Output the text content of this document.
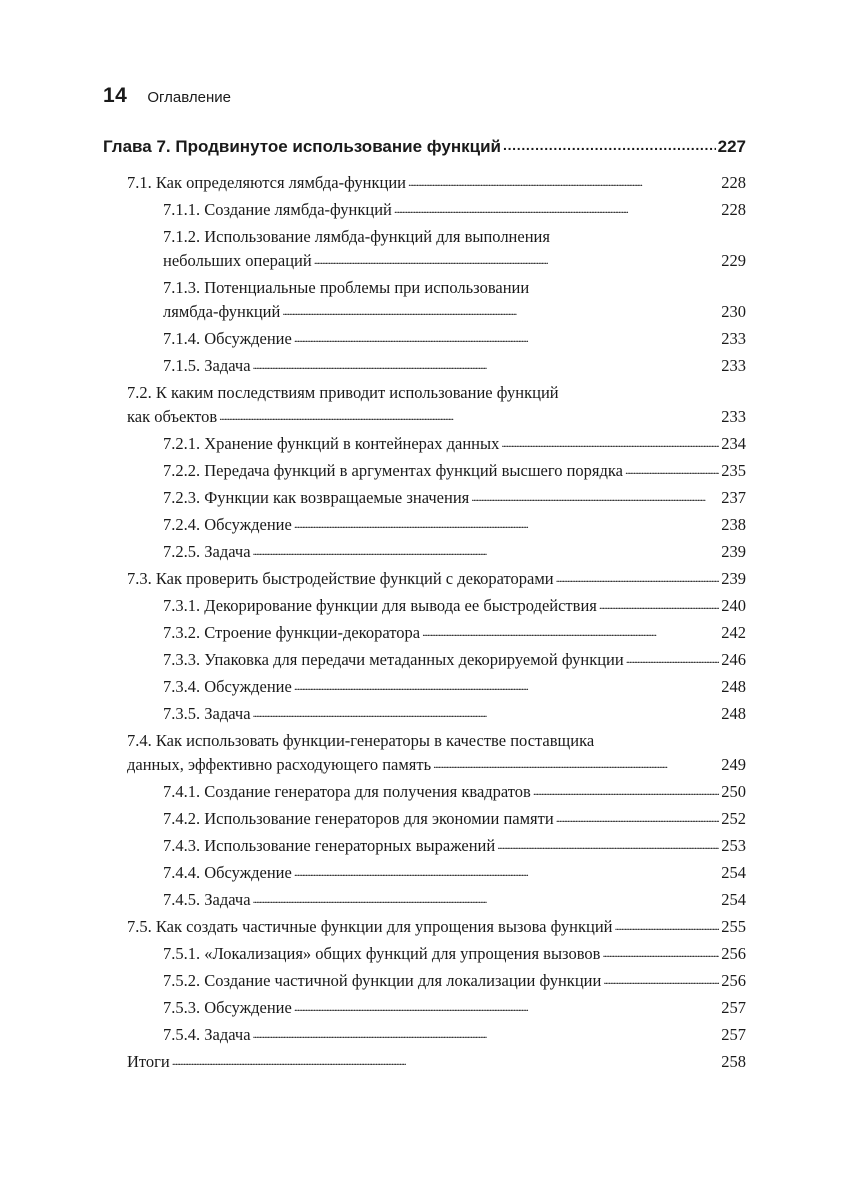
14 Оглавление
Глава 7. Продвинутое использование функций . . .	227
7.1. Как определяются лямбда-функции . . .	228
7.1.1. Создание лямбда-функций . . .	228
7.1.2. Использование лямбда-функций для выполнения
небольших операций . . .	229
7.1.3. Потенциальные проблемы при использовании
лямбда-функций . . .	230
7.1.4. Обсуждение . . .	233
7.1.5. Задача . . .	233
7.2. К каким последствиям приводит использование функций
как объектов . . .	233
7.2.1. Хранение функций в контейнерах данных . . .	234
7.2.2. Передача функций в аргументах функций высшего порядка . . .	235
7.2.3. Функции как возвращаемые значения . . .	237
7.2.4. Обсуждение . . .	238
7.2.5. Задача . . .	239
7.3. Как проверить быстродействие функций с декораторами . . .	239
7.3.1. Декорирование функции для вывода ее быстродействия . . .	240
7.3.2. Строение функции-декоратора . . .	242
7.3.3. Упаковка для передачи метаданных декорируемой функции . . .	246
7.3.4. Обсуждение . . .	248
7.3.5. Задача . . .	248
7.4. Как использовать функции-генераторы в качестве поставщика
данных, эффективно расходующего память . . .	249
7.4.1. Создание генератора для получения квадратов . . .	250
7.4.2. Использование генераторов для экономии памяти . . .	252
7.4.3. Использование генераторных выражений . . .	253
7.4.4. Обсуждение . . .	254
7.4.5. Задача . . .	254
7.5. Как создать частичные функции для упрощения вызова функций . . .	255
7.5.1. «Локализация» общих функций для упрощения вызовов . . .	256
7.5.2. Создание частичной функции для локализации функции . . .	256
7.5.3. Обсуждение . . .	257
7.5.4. Задача . . .	257
Итоги . . .	258
